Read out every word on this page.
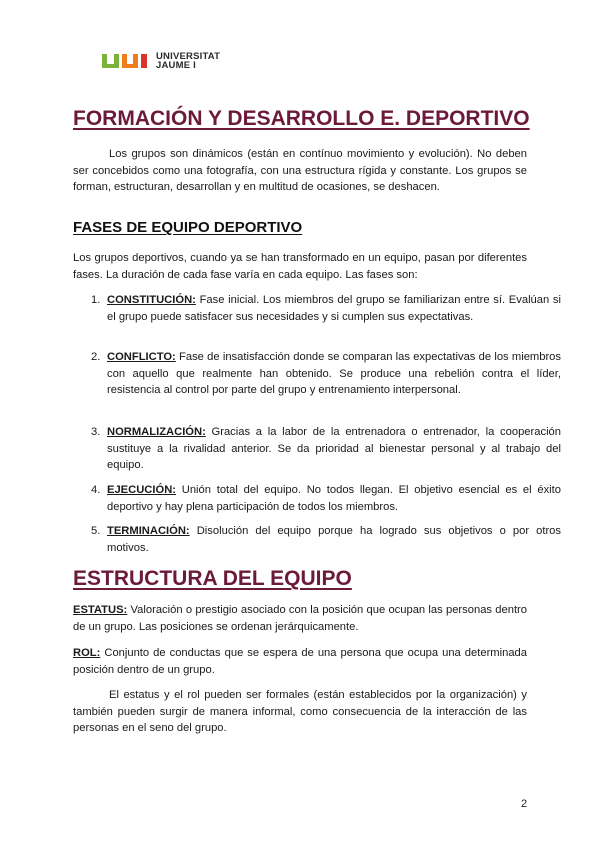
UNIVERSITAT
JAUME I
FORMACIÓN Y DESARROLLO E. DEPORTIVO

Los grupos son dinámicos (están en contínuo movimiento y evolución). No deben ser concebidos como una fotografía, con una estructura rígida y constante. Los grupos se forman, estructuran, desarrollan y en multitud de ocasiones, se deshacen.

FASES DE EQUIPO DEPORTIVO

Los grupos deportivos, cuando ya se han transformado en un equipo, pasan por diferentes fases. La duración de cada fase varía en cada equipo. Las fases son:

1. CONSTITUCIÓN: Fase inicial. Los miembros del grupo se familiarizan entre sí. Evalúan si el grupo puede satisfacer sus necesidades y si cumplen sus expectativas.
2. CONFLICTO: Fase de insatisfacción donde se comparan las expectativas de los miembros con aquello que realmente han obtenido. Se produce una rebelión contra el líder, resistencia al control por parte del grupo y entrenamiento interpersonal.
3. NORMALIZACIÓN: Gracias a la labor de la entrenadora o entrenador, la cooperación sustituye a la rivalidad anterior. Se da prioridad al bienestar personal y al trabajo del equipo.
4. EJECUCIÓN: Unión total del equipo. No todos llegan. El objetivo esencial es el éxito deportivo y hay plena participación de todos los miembros.
5. TERMINACIÓN: Disolución del equipo porque ha logrado sus objetivos o por otros motivos.
ESTRUCTURA DEL EQUIPO

ESTATUS: Valoración o prestigio asociado con la posición que ocupan las personas dentro de un grupo. Las posiciones se ordenan jerárquicamente.

ROL: Conjunto de conductas que se espera de una persona que ocupa una determinada posición dentro de un grupo.

El estatus y el rol pueden ser formales (están establecidos por la organización) y también pueden surgir de manera informal, como consecuencia de la interacción de las personas en el seno del grupo.

2
